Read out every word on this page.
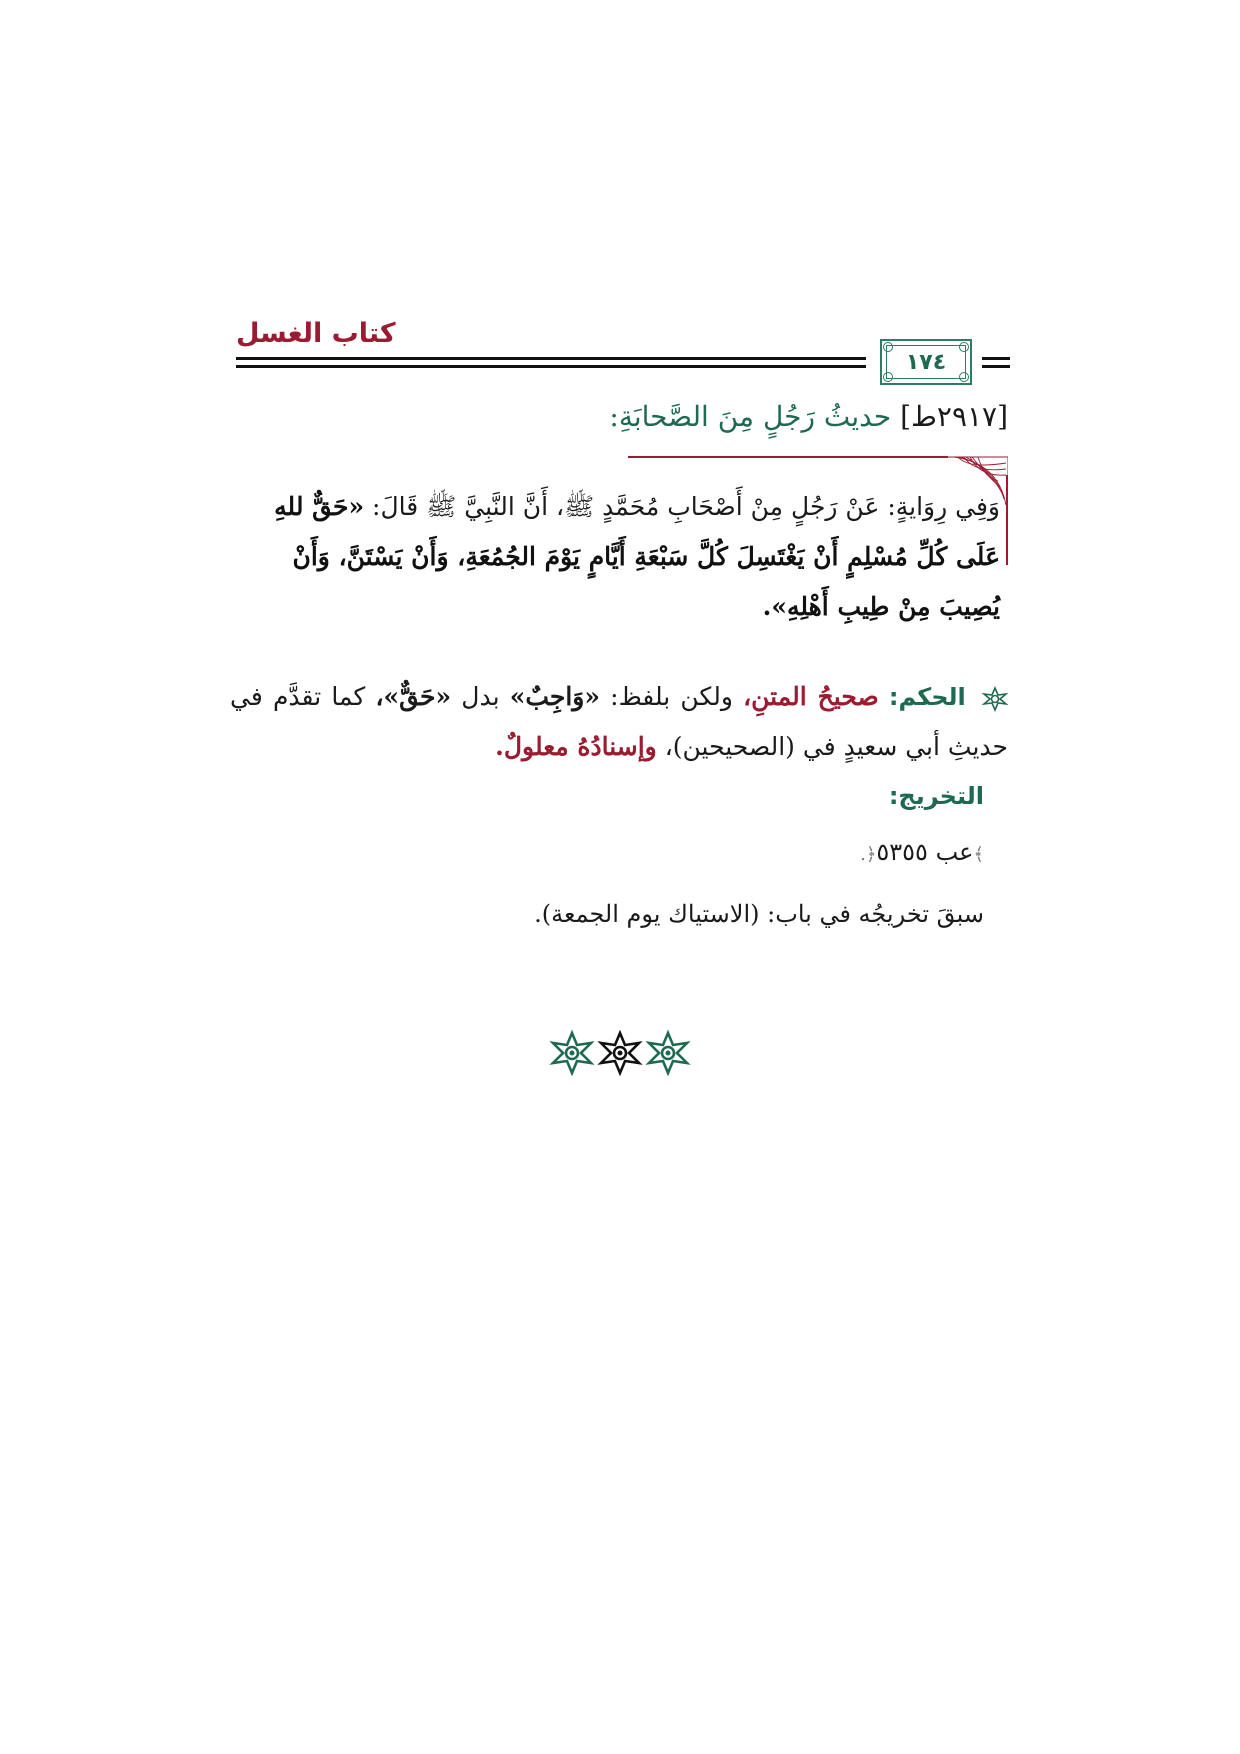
كتاب الغسل
١٧٤
[٢٩١٧ط] حديثُ رَجُلٍ مِنَ الصَّحابَةِ:
وَفِي رِوَايةٍ: عَنْ رَجُلٍ مِنْ أَصْحَابِ مُحَمَّدٍ ﷺ، أَنَّ النَّبِيَّ ﷺ قَالَ: «حَقٌّ للهِ عَلَى كُلِّ مُسْلِمٍ أَنْ يَغْتَسِلَ كُلَّ سَبْعَةِ أَيَّامٍ يَوْمَ الجُمُعَةِ، وَأَنْ يَسْتَنَّ، وَأَنْ يُصِيبَ مِنْ طِيبِ أَهْلِهِ».
الحكم: صحيحُ المتنِ، ولكن بلفظ: «وَاجِبٌ» بدل «حَقٌّ»، كما تقدَّم في حديثِ أبي سعيدٍ في (الصحيحين)، وإسنادُهُ معلولٌ.
التخريج:
﴾عب ٥٣٥٥﴿.
سبقَ تخريجُه في باب: (الاستياك يوم الجمعة).
